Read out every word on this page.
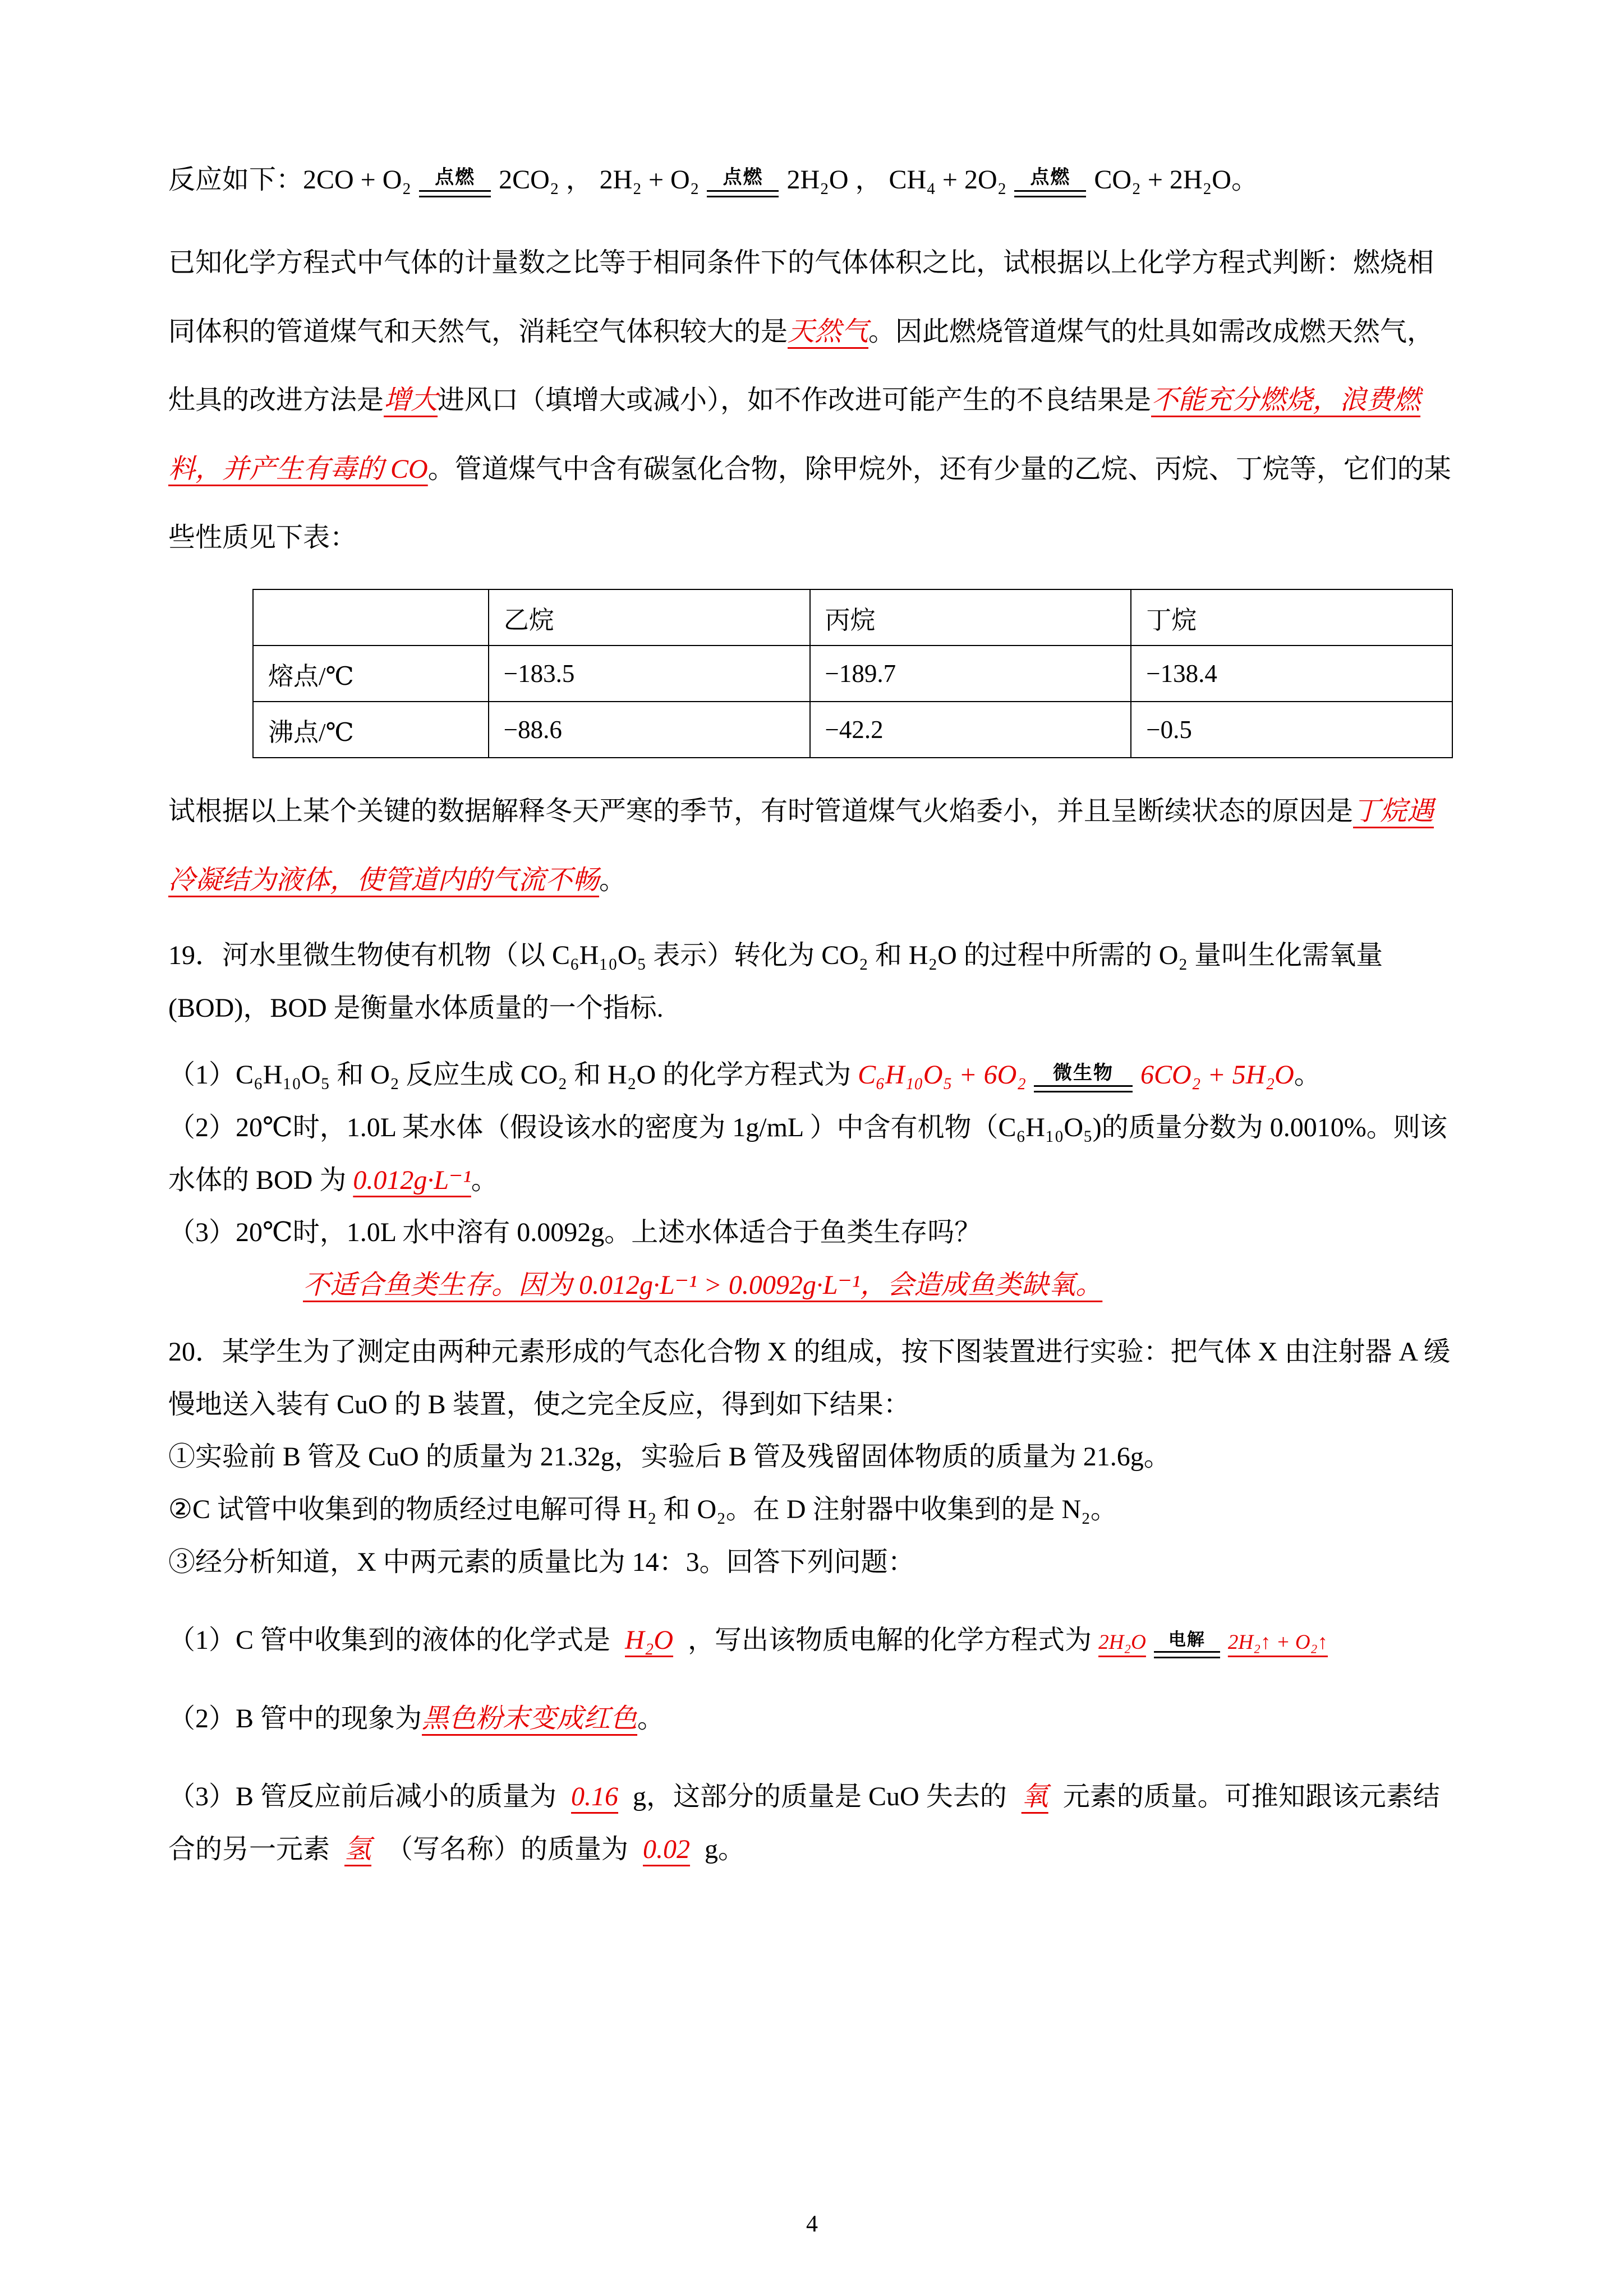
反应如下：2CO + O₂ 点燃 2CO₂ ， 2H₂ + O₂ 点燃 2H₂O ， CH₄ + 2O₂ 点燃 CO₂ + 2H₂O。

已知化学方程式中气体的计量数之比等于相同条件下的气体体积之比，试根据以上化学方程式判断：燃烧相同体积的管道煤气和天然气，消耗空气体积较大的是天然气。因此燃烧管道煤气的灶具如需改成燃天然气，灶具的改进方法是增大进风口（填增大或减小），如不作改进可能产生的不良结果是不能充分燃烧，浪费燃料，并产生有毒的 CO。管道煤气中含有碳氢化合物，除甲烷外，还有少量的乙烷、丙烷、丁烷等，它们的某些性质见下表：

	乙烷	丙烷	丁烷
熔点/℃	−183.5	−189.7	−138.4
沸点/℃	−88.6	−42.2	−0.5

试根据以上某个关键的数据解释冬天严寒的季节，有时管道煤气火焰委小，并且呈断续状态的原因是丁烷遇冷凝结为液体，使管道内的气流不畅。

19．河水里微生物使有机物（以 C₆H₁₀O₅ 表示）转化为 CO₂ 和 H₂O 的过程中所需的 O₂ 量叫生化需氧量(BOD)，BOD 是衡量水体质量的一个指标.

（1）C₆H₁₀O₅ 和 O₂ 反应生成 CO₂ 和 H₂O 的化学方程式为 C₆H₁₀O₅ + 6O₂ 微生物 6CO₂ + 5H₂O。

（2）20℃时，1.0L 某水体（假设该水的密度为 1g/mL ）中含有机物（C₆H₁₀O₅)的质量分数为 0.0010%。则该水体的 BOD 为 0.012g·L⁻¹。

（3）20℃时，1.0L 水中溶有 0.0092g。上述水体适合于鱼类生存吗？

不适合鱼类生存。因为 0.012g·L⁻¹ > 0.0092g·L⁻¹，会造成鱼类缺氧。

20．某学生为了测定由两种元素形成的气态化合物 X 的组成，按下图装置进行实验：把气体 X 由注射器 A 缓慢地送入装有 CuO 的 B 装置，使之完全反应，得到如下结果：

①实验前 B 管及 CuO 的质量为 21.32g，实验后 B 管及残留固体物质的质量为 21.6g。

②C 试管中收集到的物质经过电解可得 H₂ 和 O₂。在 D 注射器中收集到的是 N₂。

③经分析知道，X 中两元素的质量比为 14：3。回答下列问题：

（1）C 管中收集到的液体的化学式是 H₂O ，写出该物质电解的化学方程式为 2H₂O 电解 2H₂↑ + O₂↑

（2）B 管中的现象为黑色粉末变成红色。

（3）B 管反应前后减小的质量为 0.16 g，这部分的质量是 CuO 失去的 氧 元素的质量。可推知跟该元素结合的另一元素 氢 （写名称）的质量为 0.02 g。

4
